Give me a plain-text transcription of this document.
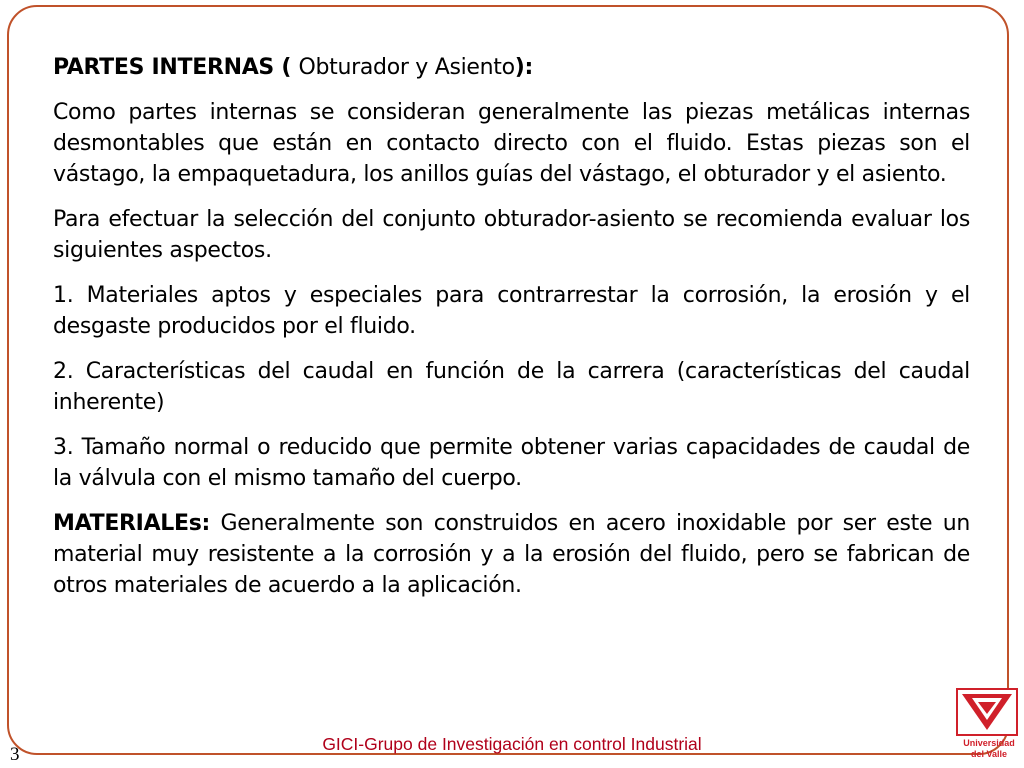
PARTES INTERNAS ( Obturador y Asiento):

Como partes internas se consideran generalmente las piezas metálicas internas desmontables que están en contacto directo con el fluido. Estas piezas son el vástago, la empaquetadura, los anillos guías del vástago, el obturador y el asiento.

Para efectuar la selección del conjunto obturador-asiento se recomienda evaluar los siguientes aspectos.

1. Materiales aptos y especiales para contrarrestar la corrosión, la erosión y el desgaste producidos por el fluido.

2. Características del caudal en función de la carrera (características del caudal inherente)

3. Tamaño normal o reducido que permite obtener varias capacidades de caudal de la válvula con el mismo tamaño del cuerpo.

MATERIALEs: Generalmente son construidos en acero inoxidable por ser este un material muy resistente a la corrosión y a la erosión del fluido, pero se fabrican de otros materiales de acuerdo a la aplicación.

GICI-Grupo de Investigación en control Industrial
3
Universidad
del Valle
